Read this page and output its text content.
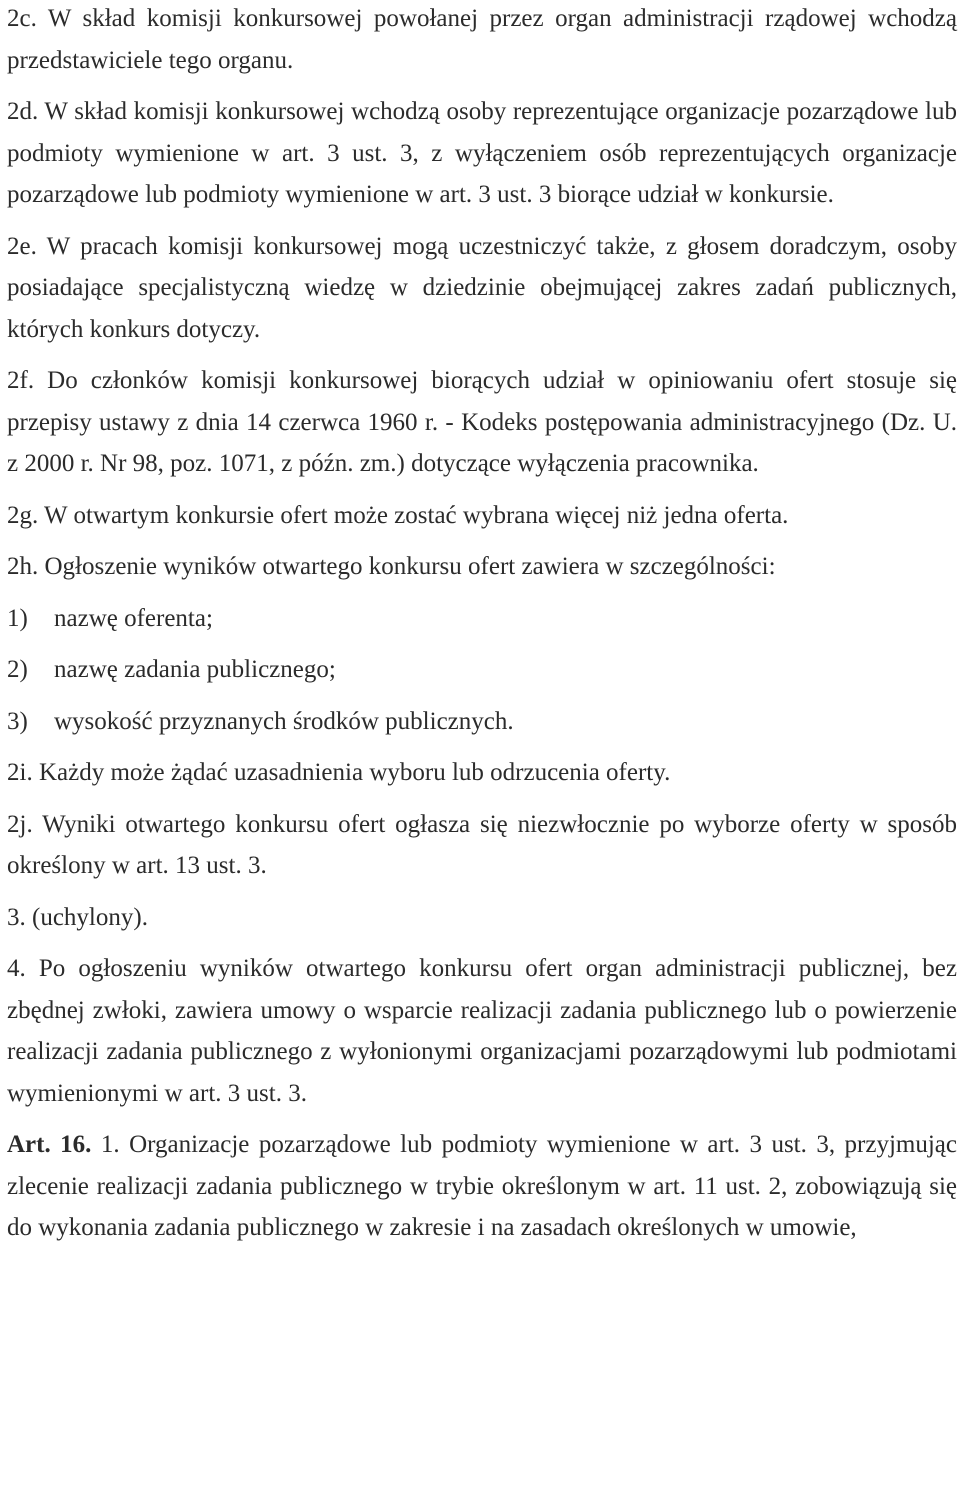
2c. W skład komisji konkursowej powołanej przez organ administracji rządowej wchodzą przedstawiciele tego organu.

2d. W skład komisji konkursowej wchodzą osoby reprezentujące organizacje pozarządowe lub podmioty wymienione w art. 3 ust. 3, z wyłączeniem osób reprezentujących organizacje pozarządowe lub podmioty wymienione w art. 3 ust. 3 biorące udział w konkursie.

2e. W pracach komisji konkursowej mogą uczestniczyć także, z głosem doradczym, osoby posiadające specjalistyczną wiedzę w dziedzinie obejmującej zakres zadań publicznych, których konkurs dotyczy.

2f. Do członków komisji konkursowej biorących udział w opiniowaniu ofert stosuje się przepisy ustawy z dnia 14 czerwca 1960 r. - Kodeks postępowania administracyjnego (Dz. U. z 2000 r. Nr 98, poz. 1071, z późn. zm.) dotyczące wyłączenia pracownika.

2g. W otwartym konkursie ofert może zostać wybrana więcej niż jedna oferta.

2h. Ogłoszenie wyników otwartego konkursu ofert zawiera w szczególności:

1)	nazwę oferenta;
2)	nazwę zadania publicznego;
3)	wysokość przyznanych środków publicznych.

2i. Każdy może żądać uzasadnienia wyboru lub odrzucenia oferty.

2j. Wyniki otwartego konkursu ofert ogłasza się niezwłocznie po wyborze oferty w sposób określony w art. 13 ust. 3.

3. (uchylony).

4. Po ogłoszeniu wyników otwartego konkursu ofert organ administracji publicznej, bez zbędnej zwłoki, zawiera umowy o wsparcie realizacji zadania publicznego lub o powierzenie realizacji zadania publicznego z wyłonionymi organizacjami pozarządowymi lub podmiotami wymienionymi w art. 3 ust. 3.

Art. 16. 1. Organizacje pozarządowe lub podmioty wymienione w art. 3 ust. 3, przyjmując zlecenie realizacji zadania publicznego w trybie określonym w art. 11 ust. 2, zobowiązują się do wykonania zadania publicznego w zakresie i na zasadach określonych w umowie,
